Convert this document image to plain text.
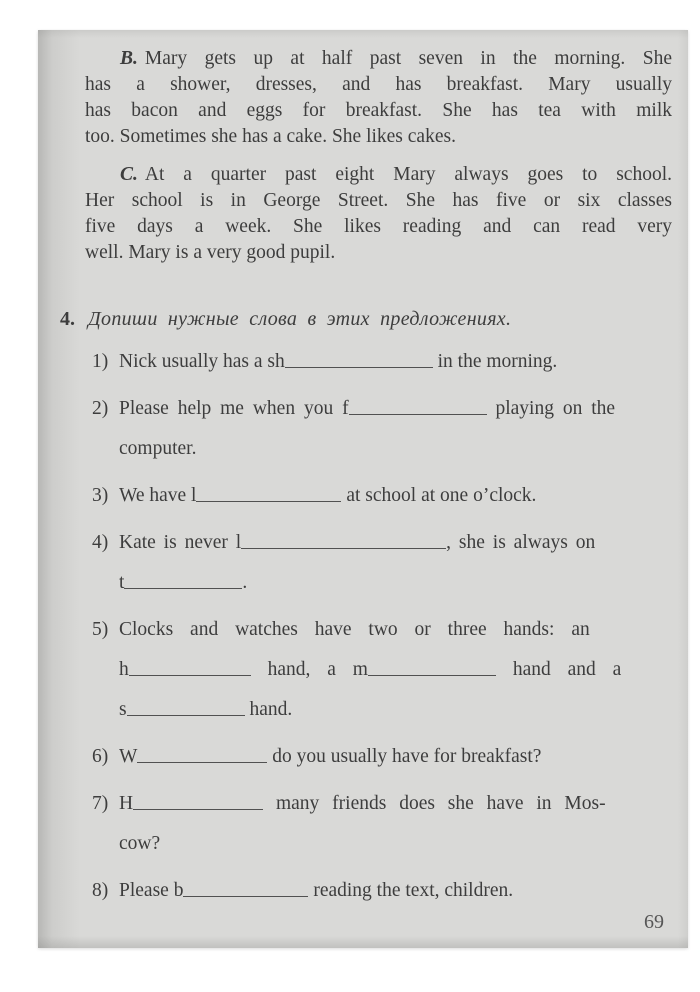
B. Mary gets up at half past seven in the morning. She
has a shower, dresses, and has breakfast. Mary usually
has bacon and eggs for breakfast. She has tea with milk
too. Sometimes she has a cake. She likes cakes.
C. At a quarter past eight Mary always goes to school.
Her school is in George Street. She has five or six classes
five days a week. She likes reading and can read very
well. Mary is a very good pupil.
4. Допиши нужные слова в этих предложениях.
1) Nick usually has a sh	in the morning.
2) Please help me when you f	playing on the
computer.
3) We have l	at school at one o’clock.
4) Kate is never l	, she is always on
t	.
5) Clocks and watches have two or three hands: an
h	hand, a m	hand and a
s	hand.
6) W	do you usually have for breakfast?
7) H	many friends does she have in Mos-
cow?
8) Please b	reading the text, children.
69
